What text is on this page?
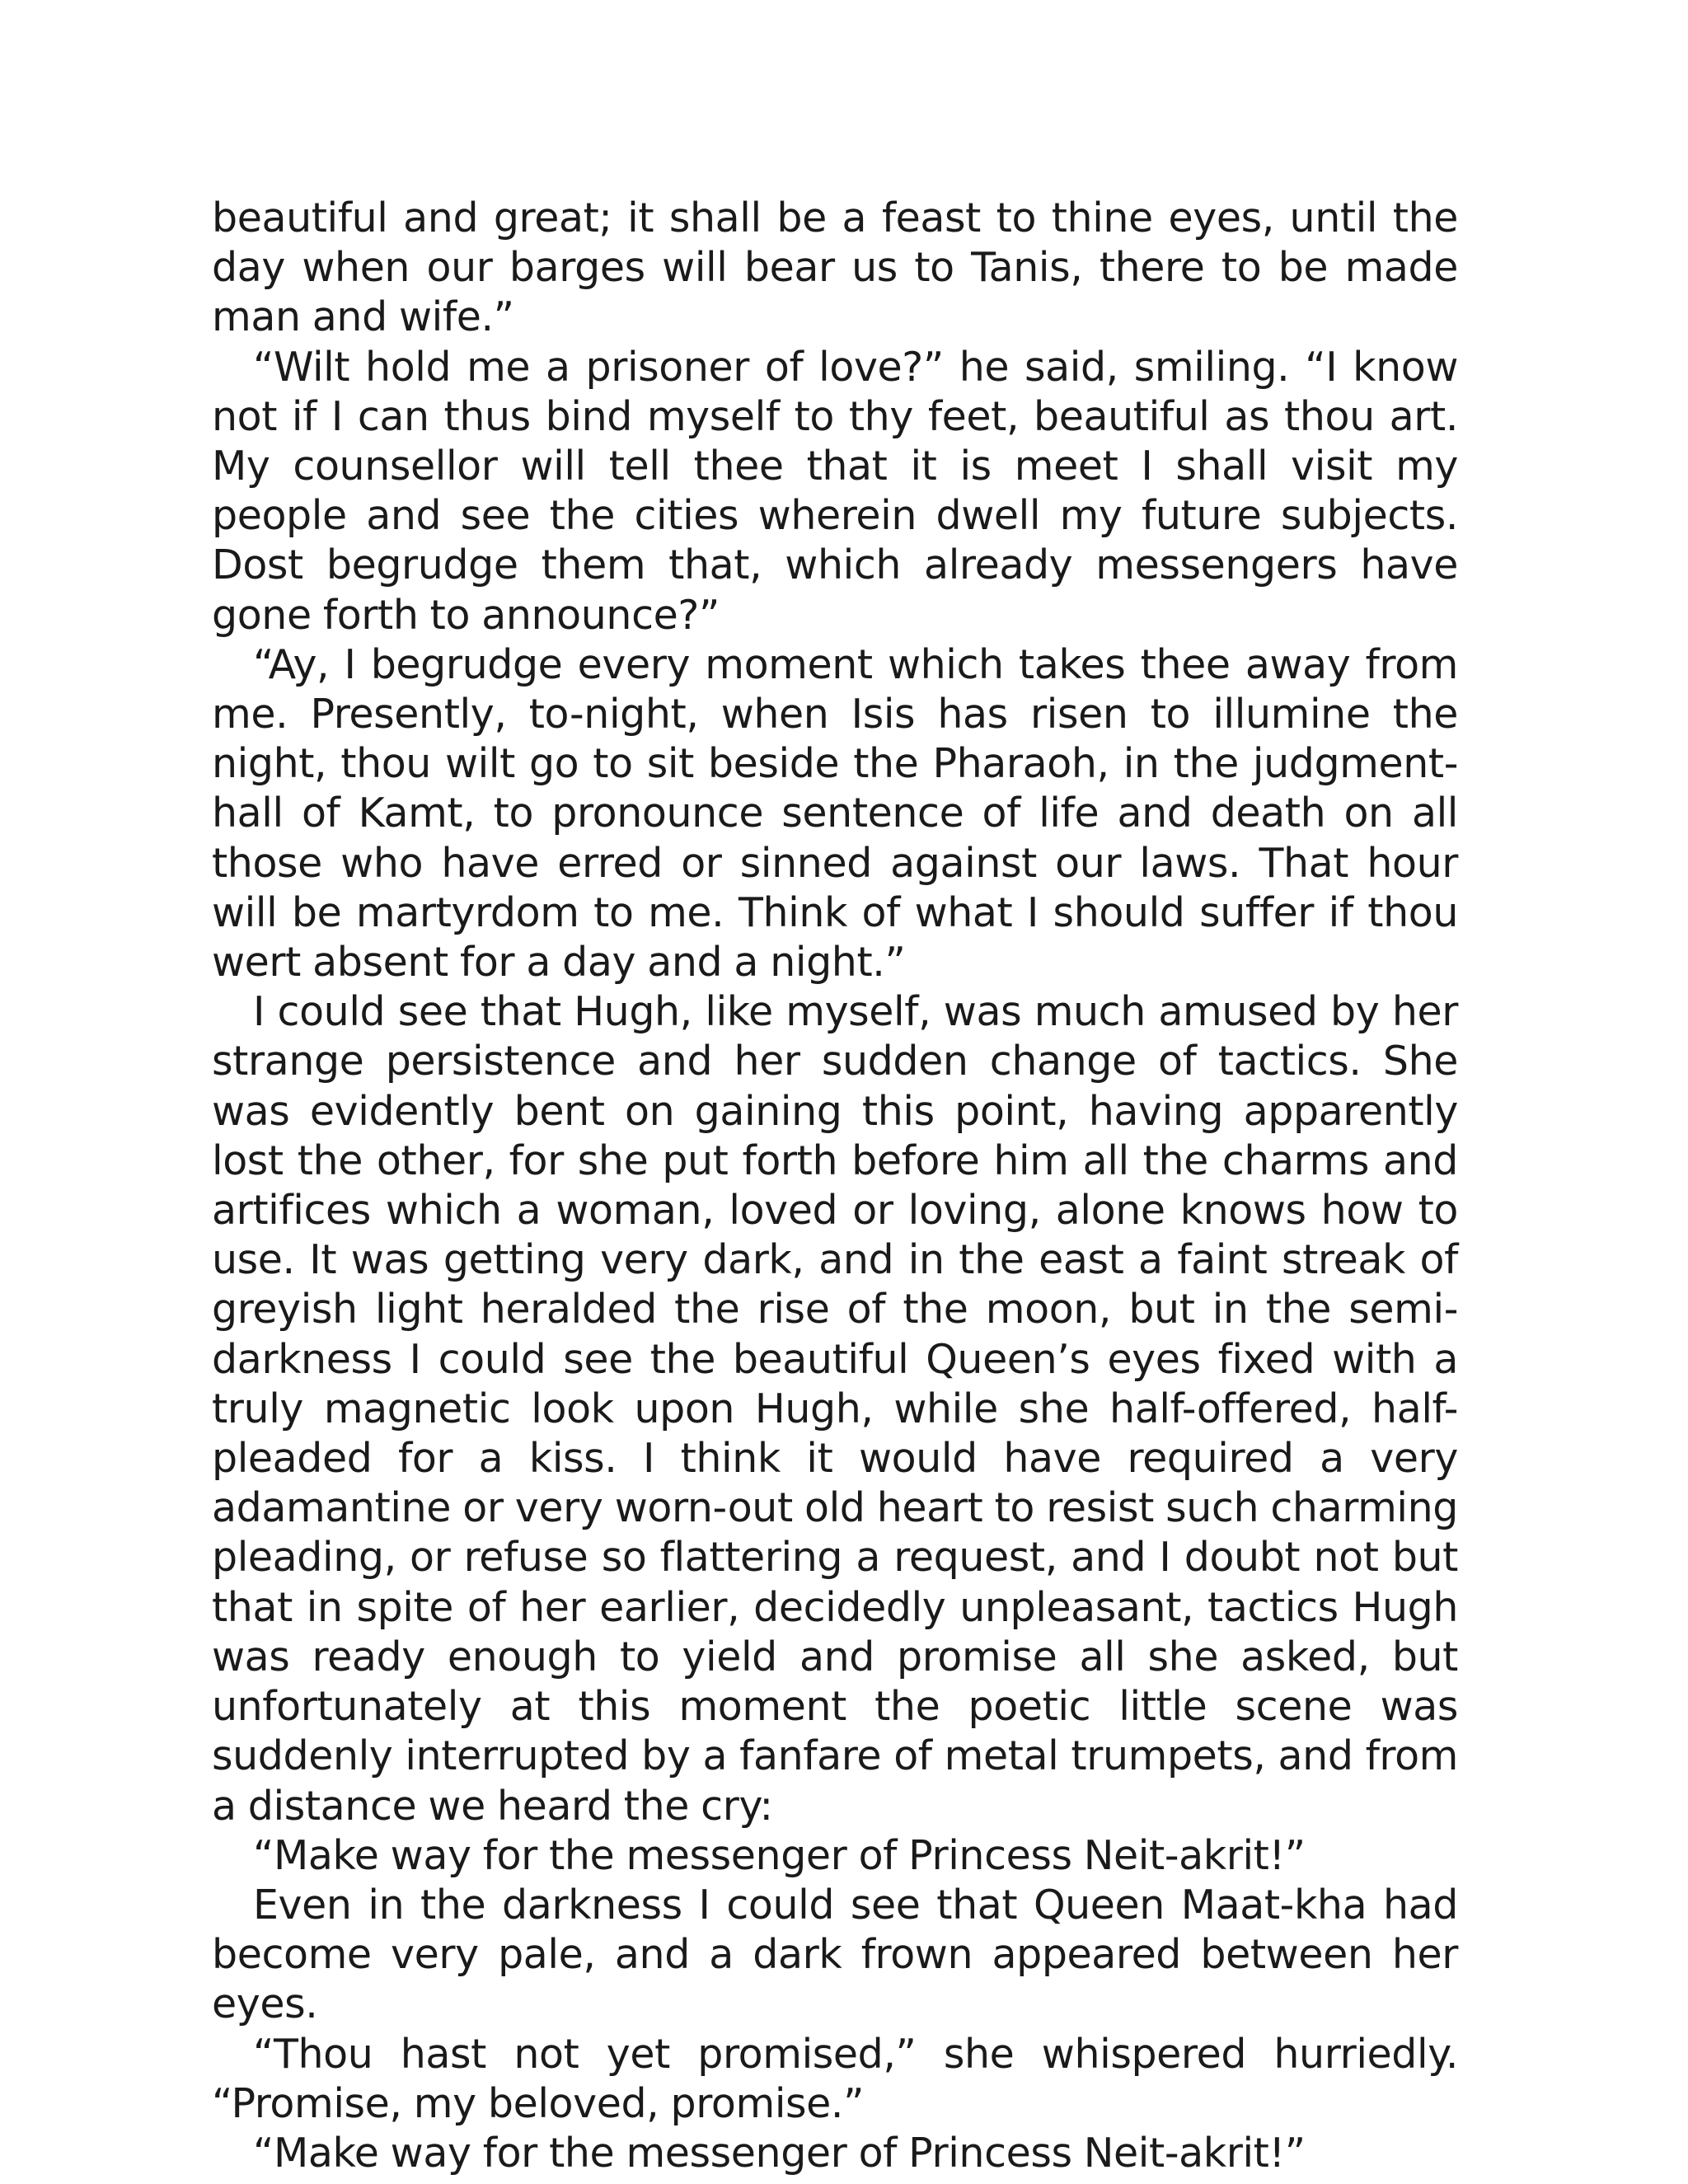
beautiful and great; it shall be a feast to thine eyes, until the day when our barges will bear us to Tanis, there to be made man and wife.”

“Wilt hold me a prisoner of love?” he said, smiling. “I know not if I can thus bind myself to thy feet, beautiful as thou art. My counsellor will tell thee that it is meet I shall visit my people and see the cities wherein dwell my future subjects. Dost begrudge them that, which already messengers have gone forth to announce?”

“Ay, I begrudge every moment which takes thee away from me. Presently, to-night, when Isis has risen to illumine the night, thou wilt go to sit beside the Pharaoh, in the judgment-hall of Kamt, to pronounce sentence of life and death on all those who have erred or sinned against our laws. That hour will be martyrdom to me. Think of what I should suffer if thou wert absent for a day and a night.”

I could see that Hugh, like myself, was much amused by her strange persistence and her sudden change of tactics. She was evidently bent on gaining this point, having apparently lost the other, for she put forth before him all the charms and artifices which a woman, loved or loving, alone knows how to use. It was getting very dark, and in the east a faint streak of greyish light heralded the rise of the moon, but in the semi-darkness I could see the beautiful Queen’s eyes fixed with a truly magnetic look upon Hugh, while she half-offered, half-pleaded for a kiss. I think it would have required a very adamantine or very worn-out old heart to resist such charming pleading, or refuse so flattering a request, and I doubt not but that in spite of her earlier, decidedly unpleasant, tactics Hugh was ready enough to yield and promise all she asked, but unfortunately at this moment the poetic little scene was suddenly interrupted by a fanfare of metal trumpets, and from a distance we heard the cry:

“Make way for the messenger of Princess Neit-akrit!”

Even in the darkness I could see that Queen Maat-kha had become very pale, and a dark frown appeared between her eyes.

“Thou hast not yet promised,” she whispered hurriedly. “Promise, my beloved, promise.”

“Make way for the messenger of Princess Neit-akrit!”
